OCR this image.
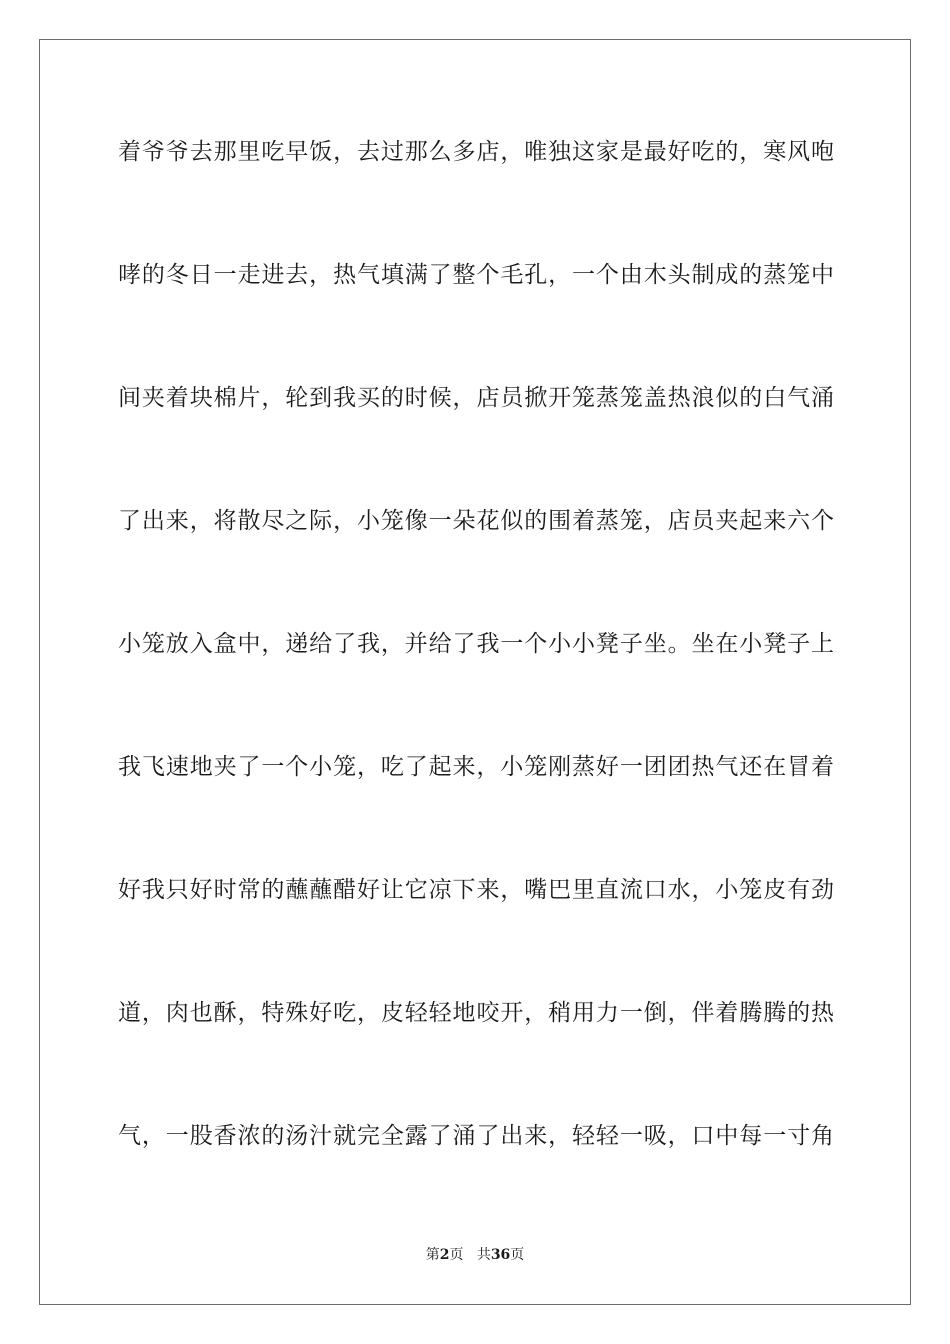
着爷爷去那里吃早饭，去过那么多店，唯独这家是最好吃的，寒风咆
哮的冬日一走进去，热气填满了整个毛孔，一个由木头制成的蒸笼中
间夹着块棉片，轮到我买的时候，店员掀开笼蒸笼盖热浪似的白气涌
了出来，将散尽之际，小笼像一朵花似的围着蒸笼，店员夹起来六个
小笼放入盒中，递给了我，并给了我一个小小凳子坐。坐在小凳子上
我飞速地夹了一个小笼，吃了起来，小笼刚蒸好一团团热气还在冒着
好我只好时常的蘸蘸醋好让它凉下来，嘴巴里直流口水，小笼皮有劲
道，肉也酥，特殊好吃，皮轻轻地咬开，稍用力一倒，伴着腾腾的热
气，一股香浓的汤汁就完全露了涌了出来，轻轻一吸，口中每一寸角
第2页 共36页
